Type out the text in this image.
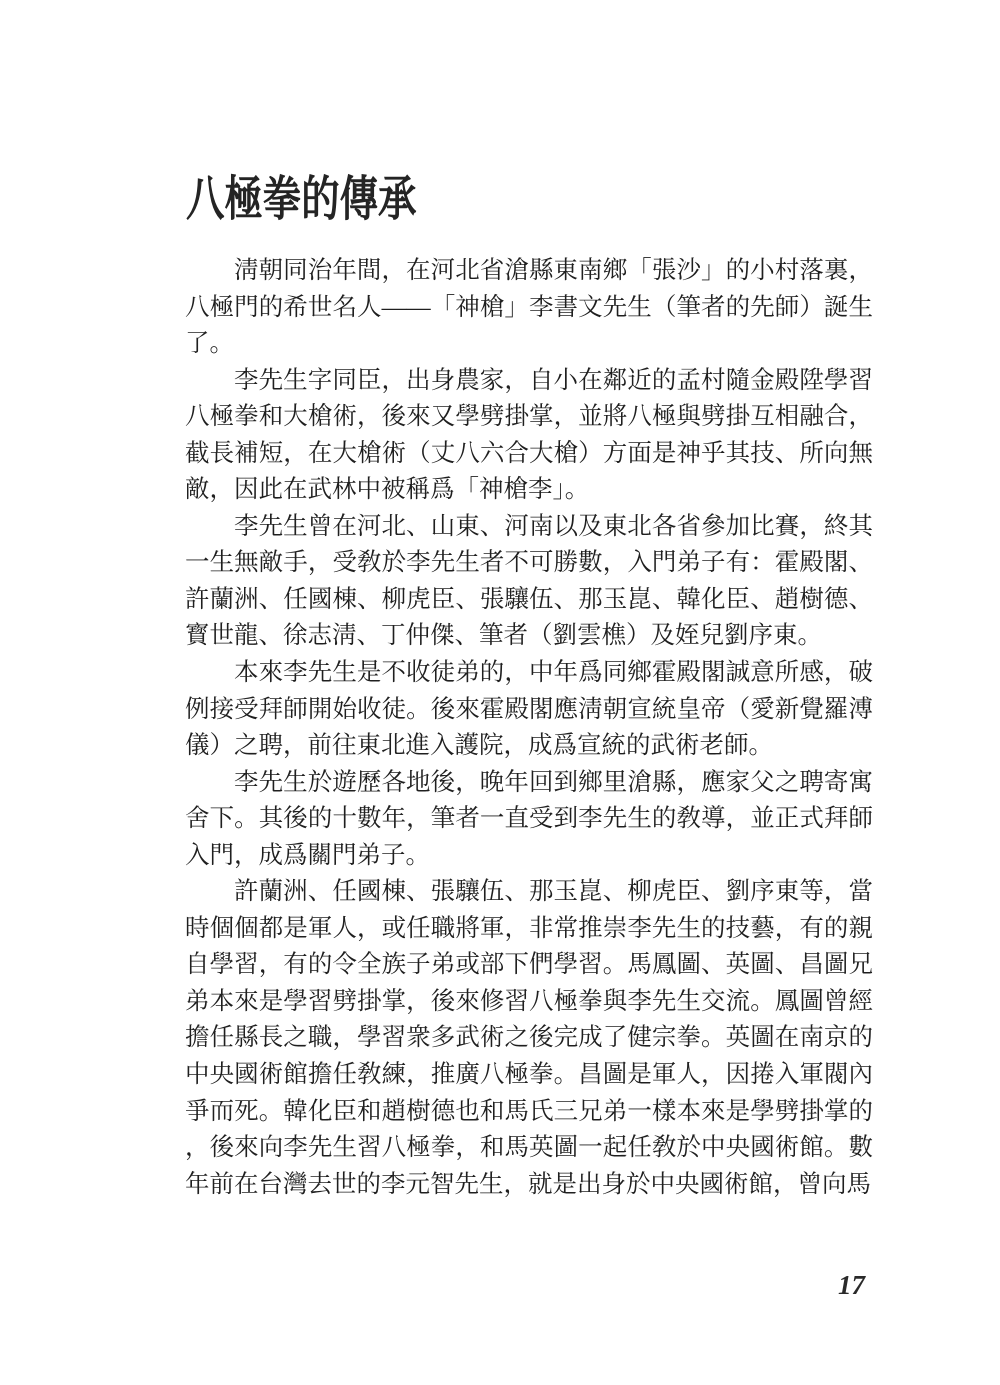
八極拳的傳承

淸朝同治年間，在河北省滄縣東南鄉「張沙」的小村落裏，八極門的希世名人——「神槍」李書文先生（筆者的先師）誕生了。

李先生字同臣，出身農家，自小在鄰近的孟村隨金殿陞學習八極拳和大槍術，後來又學劈掛掌，並將八極與劈掛互相融合，截長補短，在大槍術（丈八六合大槍）方面是神乎其技、所向無敵，因此在武林中被稱爲「神槍李」。

李先生曾在河北、山東、河南以及東北各省參加比賽，終其一生無敵手，受敎於李先生者不可勝數，入門弟子有：霍殿閣、許蘭洲、任國棟、柳虎臣、張驤伍、那玉崑、韓化臣、趙樹德、寳世龍、徐志淸、丁仲傑、筆者（劉雲樵）及姪兒劉序東。

本來李先生是不收徒弟的，中年爲同鄉霍殿閣誠意所感，破例接受拜師開始收徒。後來霍殿閣應淸朝宣統皇帝（愛新覺羅溥儀）之聘，前往東北進入護院，成爲宣統的武術老師。

李先生於遊歷各地後，晚年回到鄉里滄縣，應家父之聘寄寓舍下。其後的十數年，筆者一直受到李先生的敎導，並正式拜師入門，成爲關門弟子。

許蘭洲、任國棟、張驤伍、那玉崑、柳虎臣、劉序東等，當時個個都是軍人，或任職將軍，非常推崇李先生的技藝，有的親自學習，有的令全族子弟或部下們學習。馬鳳圖、英圖、昌圖兄弟本來是學習劈掛掌，後來修習八極拳與李先生交流。鳳圖曾經擔任縣長之職，學習衆多武術之後完成了健宗拳。英圖在南京的中央國術館擔任敎練，推廣八極拳。昌圖是軍人，因捲入軍閥內爭而死。韓化臣和趙樹德也和馬氏三兄弟一樣本來是學劈掛掌的，後來向李先生習八極拳，和馬英圖一起任敎於中央國術館。數年前在台灣去世的李元智先生，就是出身於中央國術館，曾向馬

17
